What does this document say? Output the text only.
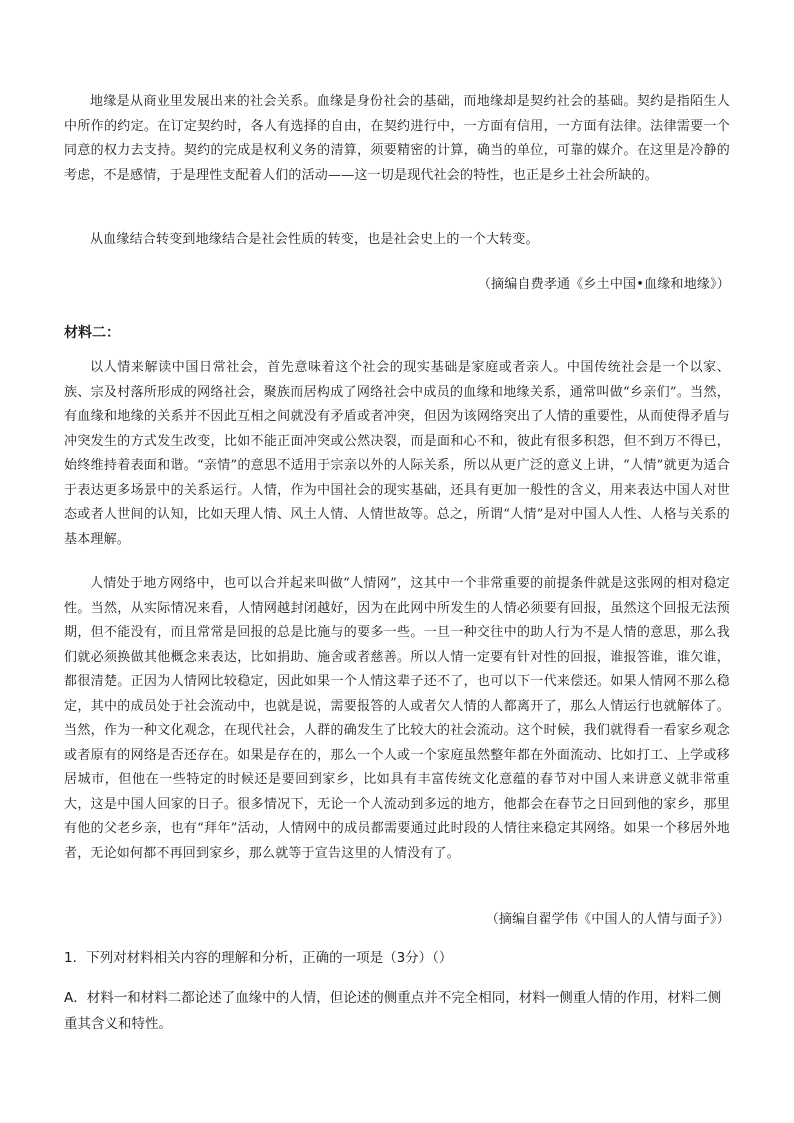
地缘是从商业里发展出来的社会关系。血缘是身份社会的基础，而地缘却是契约社会的基础。契约是指陌生人中所作的约定。在订定契约时，各人有选择的自由，在契约进行中，一方面有信用，一方面有法律。法律需要一个同意的权力去支持。契约的完成是权利义务的清算，须要精密的计算，确当的单位，可靠的媒介。在这里是冷静的考虑，不是感情，于是理性支配着人们的活动——这一切是现代社会的特性，也正是乡土社会所缺的。

从血缘结合转变到地缘结合是社会性质的转变，也是社会史上的一个大转变。

（摘编自费孝通《乡土中国•血缘和地缘》）

材料二：

以人情来解读中国日常社会，首先意味着这个社会的现实基础是家庭或者亲人。中国传统社会是一个以家、族、宗及村落所形成的网络社会，聚族而居构成了网络社会中成员的血缘和地缘关系，通常叫做“乡亲们”。当然，有血缘和地缘的关系并不因此互相之间就没有矛盾或者冲突，但因为该网络突出了人情的重要性，从而使得矛盾与冲突发生的方式发生改变，比如不能正面冲突或公然决裂，而是面和心不和，彼此有很多积怨，但不到万不得已，始终维持着表面和谐。“亲情”的意思不适用于宗亲以外的人际关系，所以从更广泛的意义上讲，“人情”就更为适合于表达更多场景中的关系运行。人情，作为中国社会的现实基础，还具有更加一般性的含义，用来表达中国人对世态或者人世间的认知，比如天理人情、风土人情、人情世故等。总之，所谓“人情”是对中国人人性、人格与关系的基本理解。

人情处于地方网络中，也可以合并起来叫做“人情网”，这其中一个非常重要的前提条件就是这张网的相对稳定性。当然，从实际情况来看，人情网越封闭越好，因为在此网中所发生的人情必须要有回报，虽然这个回报无法预期，但不能没有，而且常常是回报的总是比施与的要多一些。一旦一种交往中的助人行为不是人情的意思，那么我们就必须换做其他概念来表达，比如捐助、施舍或者慈善。所以人情一定要有针对性的回报，谁报答谁，谁欠谁，都很清楚。正因为人情网比较稳定，因此如果一个人情这辈子还不了，也可以下一代来偿还。如果人情网不那么稳定，其中的成员处于社会流动中，也就是说，需要报答的人或者欠人情的人都离开了，那么人情运行也就解体了。当然，作为一种文化观念，在现代社会，人群的确发生了比较大的社会流动。这个时候，我们就得看一看家乡观念或者原有的网络是否还存在。如果是存在的，那么一个人或一个家庭虽然整年都在外面流动、比如打工、上学或移居城市，但他在一些特定的时候还是要回到家乡，比如具有丰富传统文化意蕴的春节对中国人来讲意义就非常重大，这是中国人回家的日子。很多情况下，无论一个人流动到多远的地方，他都会在春节之日回到他的家乡，那里有他的父老乡亲，也有“拜年”活动，人情网中的成员都需要通过此时段的人情往来稳定其网络。如果一个移居外地者，无论如何都不再回到家乡，那么就等于宣告这里的人情没有了。

（摘编自翟学伟《中国人的人情与面子》）

1．下列对材料相关内容的理解和分析，正确的一项是（3分）（）

A．材料一和材料二都论述了血缘中的人情，但论述的侧重点并不完全相同，材料一侧重人情的作用，材料二侧重其含义和特性。
